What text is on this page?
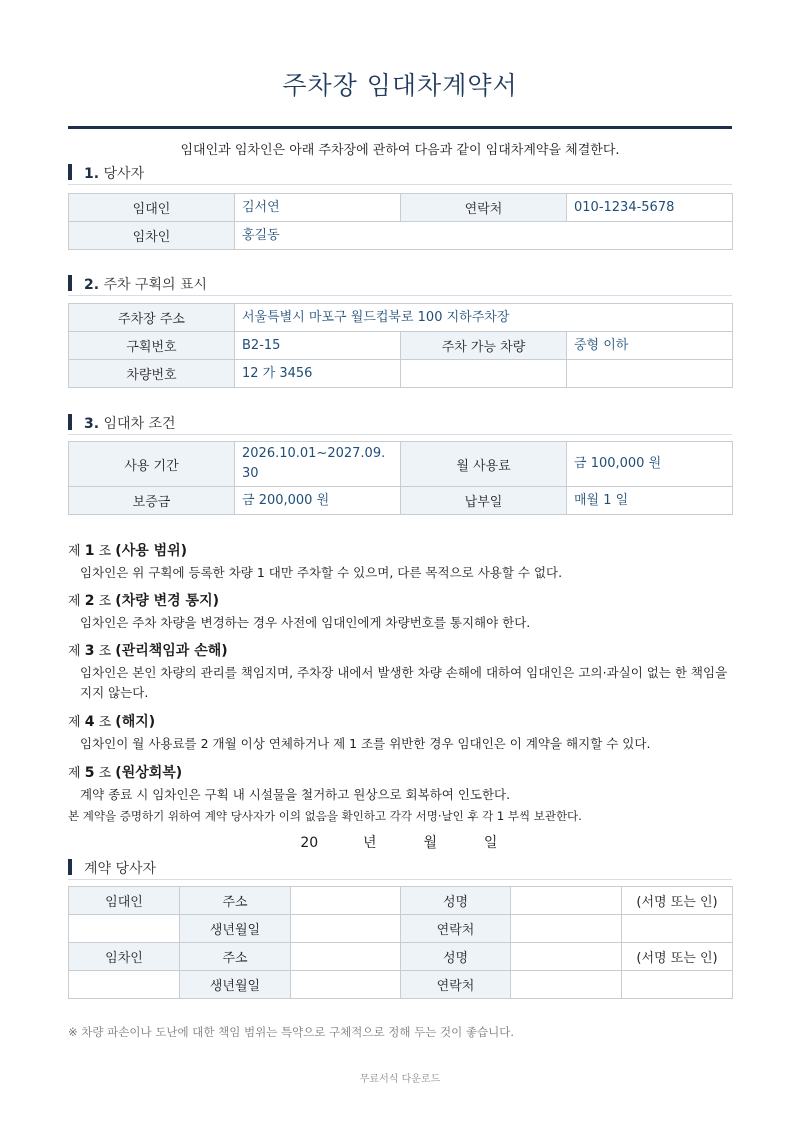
주차장 임대차계약서
임대인과 임차인은 아래 주차장에 관하여 다음과 같이 임대차계약을 체결한다.
1. 당사자
임대인	김서연	연락처	010-1234-5678
임차인	홍길동		
2. 주차 구획의 표시
주차장 주소	서울특별시 마포구 월드컵북로 100 지하주차장		
구획번호	B2-15	주차 가능 차량	중형 이하
차량번호	12 가 3456		
3. 임대차 조건
사용 기간	2026.10.01~2027.09.30	월 사용료	금 100,000 원
보증금	금 200,000 원	납부일	매월 1 일
제 1 조 (사용 범위)
임차인은 위 구획에 등록한 차량 1 대만 주차할 수 있으며, 다른 목적으로 사용할 수 없다.
제 2 조 (차량 변경 통지)
임차인은 주차 차량을 변경하는 경우 사전에 임대인에게 차량번호를 통지해야 한다.
제 3 조 (관리책임과 손해)
임차인은 본인 차량의 관리를 책임지며, 주차장 내에서 발생한 차량 손해에 대하여 임대인은 고의·과실이 없는 한 책임을 지지 않는다.
제 4 조 (해지)
임차인이 월 사용료를 2 개월 이상 연체하거나 제 1 조를 위반한 경우 임대인은 이 계약을 해지할 수 있다.
제 5 조 (원상회복)
계약 종료 시 임차인은 구획 내 시설물을 철거하고 원상으로 회복하여 인도한다.
본 계약을 증명하기 위하여 계약 당사자가 이의 없음을 확인하고 각각 서명·날인 후 각 1 부씩 보관한다.
20	년	월	일
계약 당사자
임대인	주소		성명		(서명 또는 인)
	생년월일		연락처		
임차인	주소		성명		(서명 또는 인)
	생년월일		연락처		
※ 차량 파손이나 도난에 대한 책임 범위는 특약으로 구체적으로 정해 두는 것이 좋습니다.
무료서식 다운로드
